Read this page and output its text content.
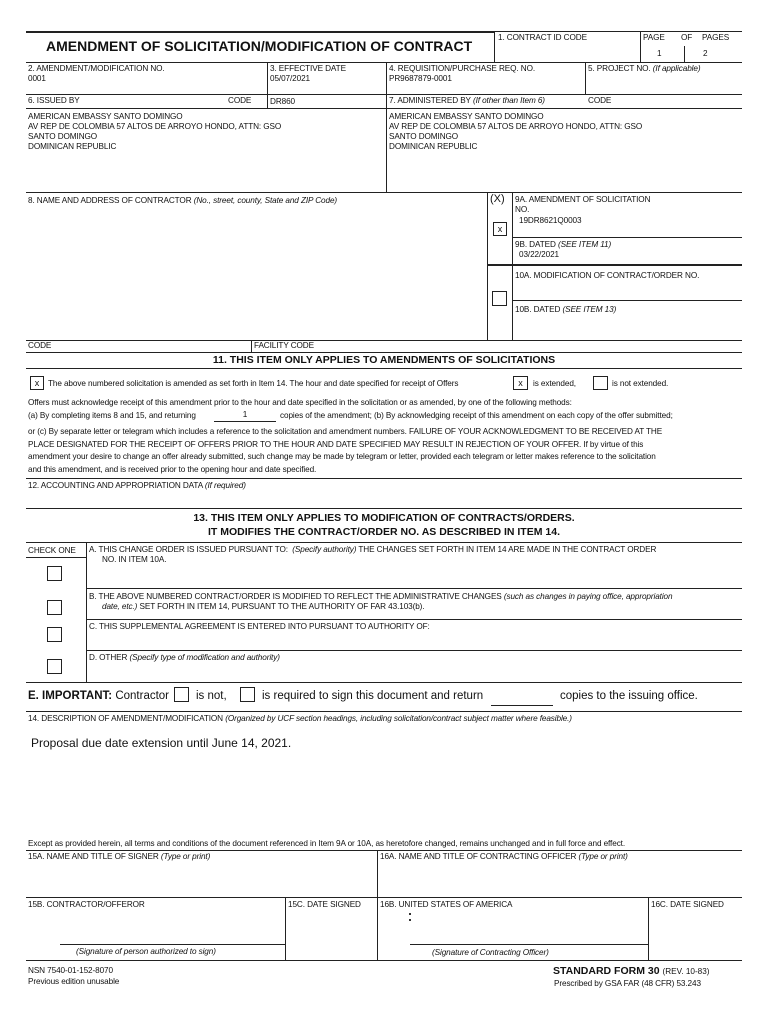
AMENDMENT OF SOLICITATION/MODIFICATION OF CONTRACT
1. CONTRACT ID CODE	PAGE OF PAGES
1	2
2. AMENDMENT/MODIFICATION NO.
0001
3. EFFECTIVE DATE
05/07/2021
4. REQUISITION/PURCHASE REQ. NO.
PR9687879-0001
5. PROJECT NO. (If applicable)
6. ISSUED BY	CODE DR860	7. ADMINISTERED BY (If other than Item 6)	CODE
AMERICAN EMBASSY SANTO DOMINGO
AV REP DE COLOMBIA 57 ALTOS DE ARROYO HONDO, ATTN: GSO
SANTO DOMINGO
DOMINICAN REPUBLIC
AMERICAN EMBASSY SANTO DOMINGO
AV REP DE COLOMBIA 57 ALTOS DE ARROYO HONDO, ATTN: GSO
SANTO DOMINGO
DOMINICAN REPUBLIC
8. NAME AND ADDRESS OF CONTRACTOR (No., street, county, State and ZIP Code)	(X)
x
9A. AMENDMENT OF SOLICITATION
NO.
19DR8621Q0003
9B. DATED (SEE ITEM 11)
03/22/2021
10A. MODIFICATION OF CONTRACT/ORDER NO.
10B. DATED (SEE ITEM 13)
CODE	FACILITY CODE
11. THIS ITEM ONLY APPLIES TO AMENDMENTS OF SOLICITATIONS
x	The above numbered solicitation is amended as set forth in Item 14. The hour and date specified for receipt of Offers	x	is extended,	is not extended.
Offers must acknowledge receipt of this amendment prior to the hour and date specified in the solicitation or as amended, by one of the following methods:
(a) By completing items 8 and 15, and returning	1	copies of the amendment; (b) By acknowledging receipt of this amendment on each copy of the offer submitted;
or (c) By separate letter or telegram which includes a reference to the solicitation and amendment numbers. FAILURE OF YOUR ACKNOWLEDGMENT TO BE RECEIVED AT THE
PLACE DESIGNATED FOR THE RECEIPT OF OFFERS PRIOR TO THE HOUR AND DATE SPECIFIED MAY RESULT IN REJECTION OF YOUR OFFER. If by virtue of this
amendment your desire to change an offer already submitted, such change may be made by telegram or letter, provided each telegram or letter makes reference to the solicitation
and this amendment, and is received prior to the opening hour and date specified.
12. ACCOUNTING AND APPROPRIATION DATA (If required)
13. THIS ITEM ONLY APPLIES TO MODIFICATION OF CONTRACTS/ORDERS.
IT MODIFIES THE CONTRACT/ORDER NO. AS DESCRIBED IN ITEM 14.
CHECK ONE A. THIS CHANGE ORDER IS ISSUED PURSUANT TO: (Specify authority) THE CHANGES SET FORTH IN ITEM 14 ARE MADE IN THE CONTRACT ORDER
NO. IN ITEM 10A.
B. THE ABOVE NUMBERED CONTRACT/ORDER IS MODIFIED TO REFLECT THE ADMINISTRATIVE CHANGES (such as changes in paying office, appropriation
date, etc.) SET FORTH IN ITEM 14, PURSUANT TO THE AUTHORITY OF FAR 43.103(b).
C. THIS SUPPLEMENTAL AGREEMENT IS ENTERED INTO PURSUANT TO AUTHORITY OF:
D. OTHER (Specify type of modification and authority)
E. IMPORTANT: Contractor is not,	is required to sign this document and return	copies to the issuing office.
14. DESCRIPTION OF AMENDMENT/MODIFICATION (Organized by UCF section headings, including solicitation/contract subject matter where feasible.)
Proposal due date extension until June 14, 2021.
Except as provided herein, all terms and conditions of the document referenced in Item 9A or 10A, as heretofore changed, remains unchanged and in full force and effect.
15A. NAME AND TITLE OF SIGNER (Type or print)	16A. NAME AND TITLE OF CONTRACTING OFFICER (Type or print)
15B. CONTRACTOR/OFFEROR	15C. DATE SIGNED 16B. UNITED STATES OF AMERICA	16C. DATE SIGNED
(Signature of person authorized to sign)	(Signature of Contracting Officer)
NSN 7540-01-152-8070
Previous edition unusable
STANDARD FORM 30 (REV. 10-83)
Prescribed by GSA FAR (48 CFR) 53.243
